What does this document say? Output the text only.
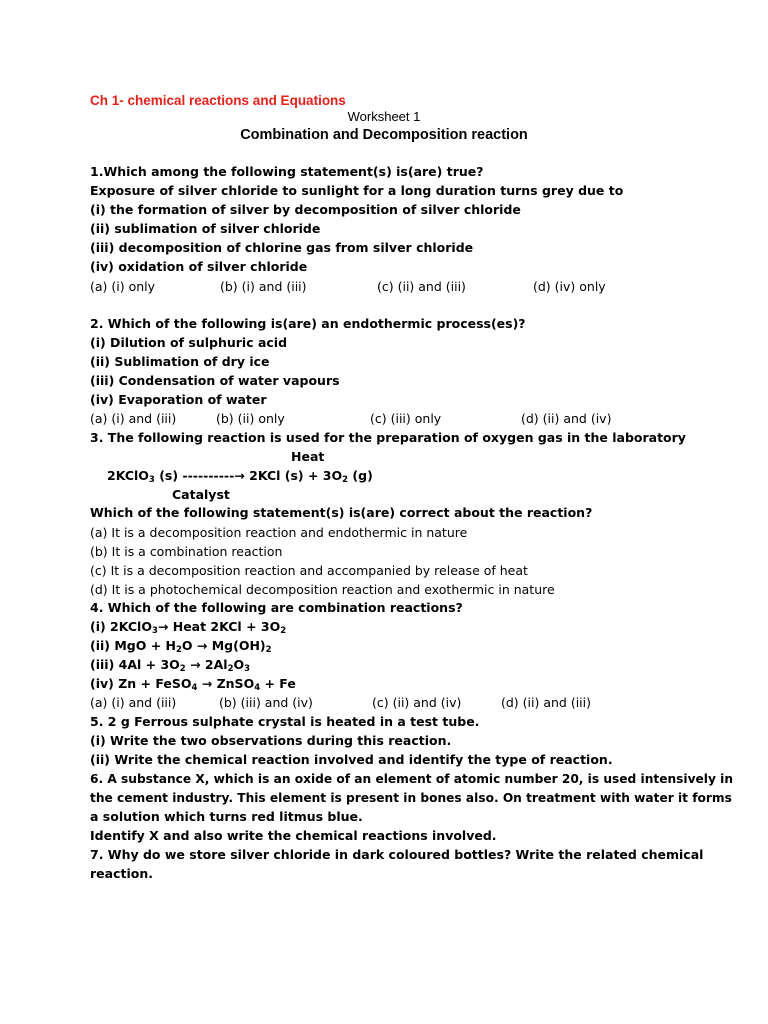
Ch 1- chemical reactions and Equations
Worksheet 1
Combination and Decomposition reaction
1.Which among the following statement(s) is(are) true?
Exposure of silver chloride to sunlight for a long duration turns grey due to
(i) the formation of silver by decomposition of silver chloride
(ii) sublimation of silver chloride
(iii) decomposition of chlorine gas from silver chloride
(iv) oxidation of silver chloride
(a) (i) only	(b) (i) and (iii)	(c) (ii) and (iii)	(d) (iv) only
2. Which of the following is(are) an endothermic process(es)?
(i) Dilution of sulphuric acid
(ii) Sublimation of dry ice
(iii) Condensation of water vapours
(iv) Evaporation of water
(a) (i) and (iii)	(b) (ii) only	(c) (iii) only	(d) (ii) and (iv)
3. The following reaction is used for the preparation of oxygen gas in the laboratory
Heat
2KClO$_3$ (s) ----------→ 2KCl $(s) + 3O_2$ (g)
Catalyst
Which of the following statement(s) is(are) correct about the reaction?
(a) It is a decomposition reaction and endothermic in nature
(b) It is a combination reaction
(c) It is a decomposition reaction and accompanied by release of heat
(d) It is a photochemical decomposition reaction and exothermic in nature
4. Which of the following are combination reactions?
(i) 2KClO$_3$→ Heat $2KCl + 3O_2$
(ii) MgO + $H_2O \to Mg(OH)_2$
(iii) $4Al + 3O_2 \to 2Al_2O_3$
(iv) Zn + FeSO$_4$ → ZnSO$_4$ + Fe
(a) (i) and (iii)	(b) (iii) and (iv)	(c) (ii) and (iv)	(d) (ii) and (iii)
5. 2 g Ferrous sulphate crystal is heated in a test tube.
(i) Write the two observations during this reaction.
(ii) Write the chemical reaction involved and identify the type of reaction.
6. A substance X, which is an oxide of an element of atomic number 20, is used intensively in
the cement industry. This element is present in bones also. On treatment with water it forms
a solution which turns red litmus blue.
Identify X and also write the chemical reactions involved.
7. Why do we store silver chloride in dark coloured bottles? Write the related chemical
reaction.
